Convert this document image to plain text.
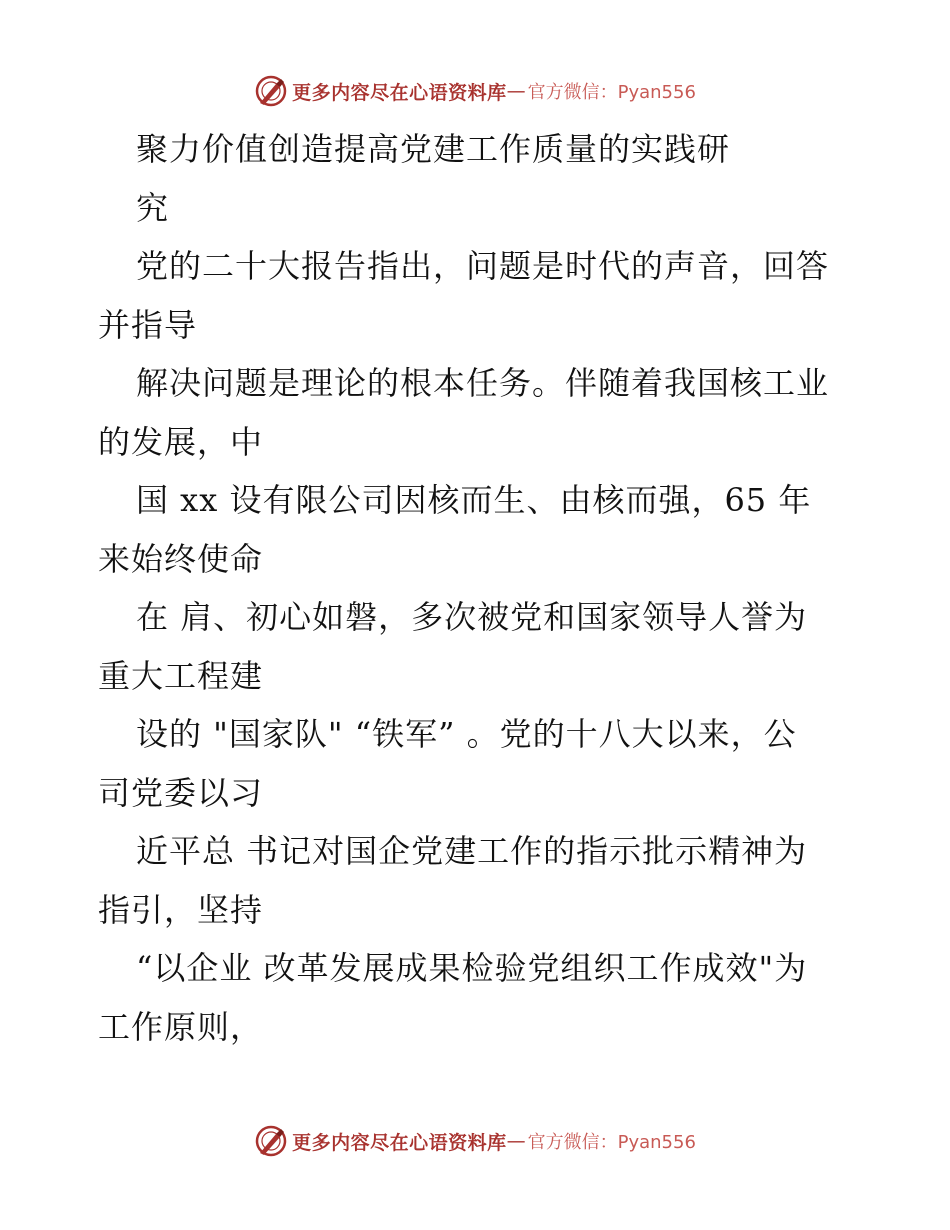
更多内容尽在心语资料库 — 官方微信：Pyan556
聚力价值创造提高党建工作质量的实践研
究
党的二十大报告指出，问题是时代的声音，回答
并指导
解决问题是理论的根本任务。伴随着我国核工业
的发展，中
国 xx 设有限公司因核而生、由核而强，65 年
来始终使命
在 肩、初心如磐，多次被党和国家领导人誉为
重大工程建
设的 "国家队" “铁军” 。党的十八大以来，公
司党委以习
近平总 书记对国企党建工作的指示批示精神为
指引，坚持
“以企业 改革发展成果检验党组织工作成效"为
工作原则，
更多内容尽在心语资料库 — 官方微信：Pyan556
